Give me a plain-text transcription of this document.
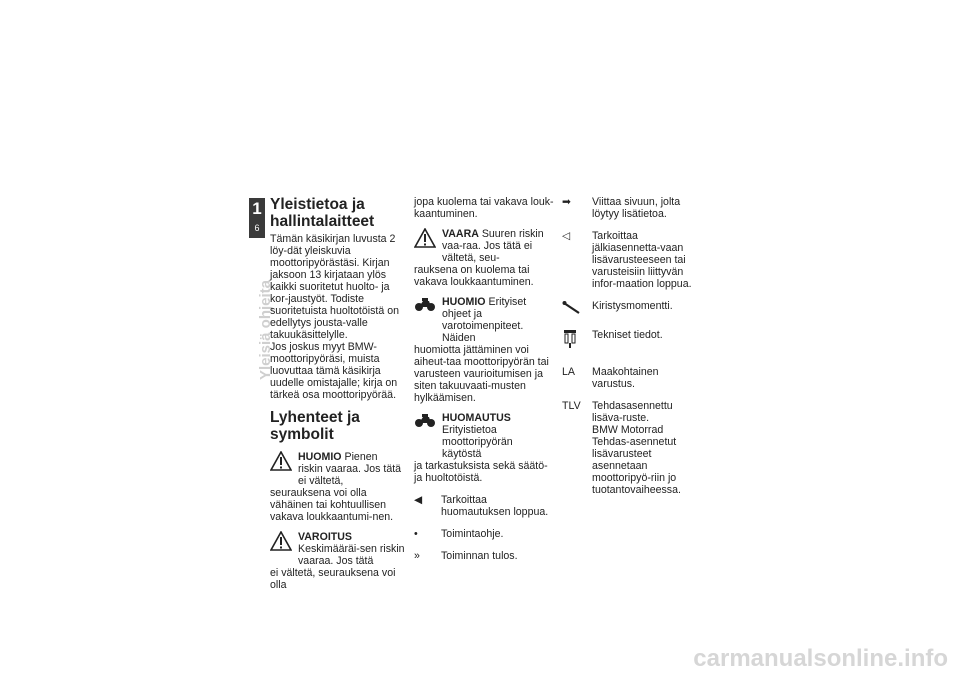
1
6
Yleisiä ohjeita
Yleistietoa ja hallintalaitteet

Tämän käsikirjan luvusta 2 löy-dät yleiskuvia moottoripyörästäsi. Kirjan jaksoon 13 kirjataan ylös kaikki suoritetut huolto- ja kor-jaustyöt. Todiste suoritetuista huoltotöistä on edellytys jousta-valle takuukäsittelylle.

Jos joskus myyt BMW-moottoripyöräsi, muista luovuttaa tämä käsikirja uudelle omistajalle; kirja on tärkeä osa moottoripyörää.

Lyhenteet ja symbolit

HUOMIO Pienen riskin vaaraa. Jos tätä ei vältetä,

seurauksena voi olla vähäinen tai kohtuullisen vakava loukkaantumi-nen.

VAROITUS Keskimääräi-sen riskin vaaraa. Jos tätä

ei vältetä, seurauksena voi olla

jopa kuolema tai vakava louk-kaantuminen.

VAARA Suuren riskin vaa-raa. Jos tätä ei vältetä, seu-

rauksena on kuolema tai vakava loukkaantuminen.

HUOMIO Erityiset ohjeet ja varotoimenpiteet. Näiden

huomiotta jättäminen voi aiheut-taa moottoripyörän tai varusteen vaurioitumisen ja siten takuuvaati-musten hylkäämisen.

HUOMAUTUS Erityistietoa moottoripyörän käytöstä

ja tarkastuksista sekä säätö- ja huoltotöistä.

◀	Tarkoittaa huomautuksen loppua.
•	Toimintaohje.
»	Toiminnan tulos.
➡	Viittaa sivuun, jolta löytyy lisätietoa.
◁	Tarkoittaa jälkiasennetta-vaan lisävarusteeseen tai varusteisiin liittyvän infor-maation loppua.
Kiristysmomentti.
Tekniset tiedot.
LA	Maakohtainen varustus.
TLV	Tehdasasennettu lisäva-ruste.
BMW Motorrad Tehdas-asennetut lisävarusteet asennetaan moottoripyö-riin jo tuotantovaiheessa.
carmanualsonline.info
